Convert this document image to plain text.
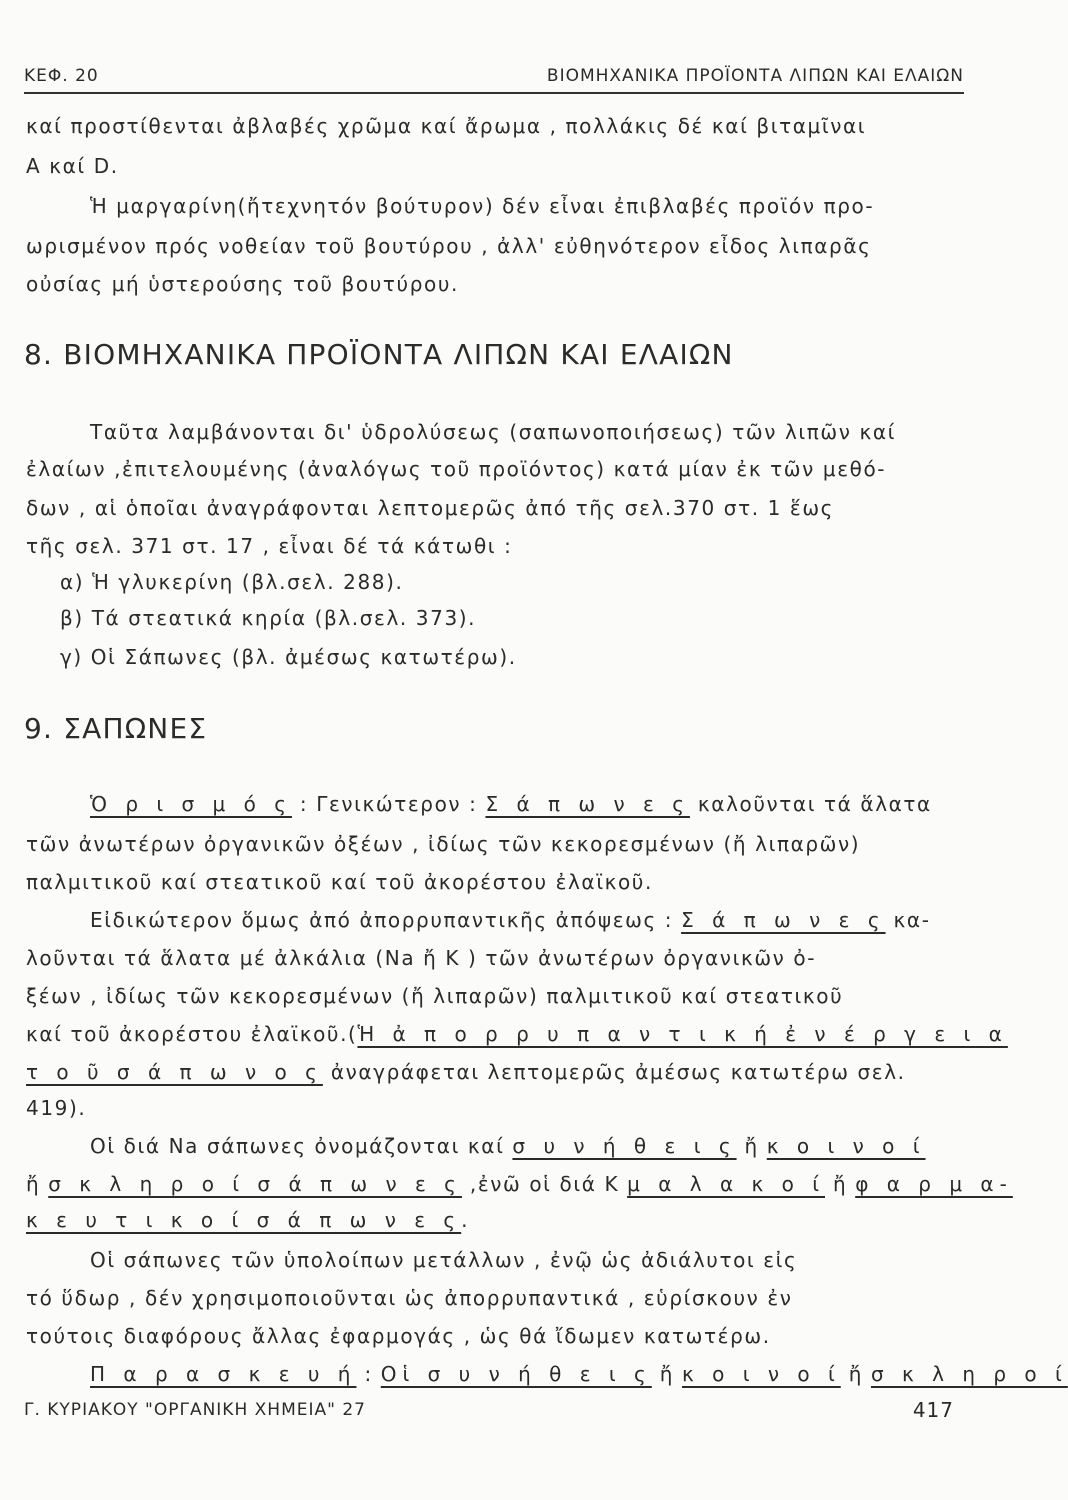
ΚΕΦ. 20	ΒΙΟΜΗΧΑΝΙΚΑ ΠΡΟΪΟΝΤΑ ΛΙΠΩΝ ΚΑΙ ΕΛΑΙΩΝ
καί προστίθενται ἀβλαβές χρῶμα καί ἄρωμα , πολλάκις δέ καί βιταμῖναι
A καί D.
Ἡ μαργαρίνη(ἤτεχνητόν βούτυρον) δέν εἶναι ἐπιβλαβές προϊόν προ-
ωρισμένον πρός νοθείαν τοῦ βουτύρου , ἀλλ' εὐθηνότερον εἶδος λιπαρᾶς
οὐσίας μή ὑστερούσης τοῦ βουτύρου.
8. ΒΙΟΜΗΧΑΝΙΚΑ ΠΡΟΪΟΝΤΑ ΛΙΠΩΝ ΚΑΙ ΕΛΑΙΩΝ
Ταῦτα λαμβάνονται δι' ὑδρολύσεως (σαπωνοποιήσεως) τῶν λιπῶν καί
ἐλαίων ,ἐπιτελουμένης (ἀναλόγως τοῦ προϊόντος) κατά μίαν ἐκ τῶν μεθό-
δων , αἱ ὁποῖαι ἀναγράφονται λεπτομερῶς ἀπό τῆς σελ.370 στ. 1 ἕως
τῆς σελ. 371 στ. 17 , εἶναι δέ τά κάτωθι :
α) Ἡ γλυκερίνη (βλ.σελ. 288).
β) Τά στεατικά κηρία (βλ.σελ. 373).
γ) Οἱ Σάπωνες (βλ. ἀμέσως κατωτέρω).
9. ΣΑΠΩΝΕΣ
Ὁ ρ ι σ μ ό ς : Γενικώτερον : Σ ά π ω ν ε ς καλοῦνται τά ἅλατα
τῶν ἀνωτέρων ὀργανικῶν ὀξέων , ἰδίως τῶν κεκορεσμένων (ἤ λιπαρῶν)
παλμιτικοῦ καί στεατικοῦ καί τοῦ ἀκορέστου ἐλαϊκοῦ.
Εἰδικώτερον ὅμως ἀπό ἀπορρυπαντικῆς ἀπόψεως : Σ ά π ω ν ε ς κα-
λοῦνται τά ἅλατα μέ ἀλκάλια (Na ἤ K ) τῶν ἀνωτέρων ὀργανικῶν ὀ-
ξέων , ἰδίως τῶν κεκορεσμένων (ἤ λιπαρῶν) παλμιτικοῦ καί στεατικοῦ
καί τοῦ ἀκορέστου ἐλαϊκοῦ.(Ἡ ἀ π ο ρ ρ υ π α ν τ ι κ ή ἐ ν έ ρ γ ε ι α
τ ο ῦ σ ά π ω ν ο ς ἀναγράφεται λεπτομερῶς ἀμέσως κατωτέρω σελ.
419).
Οἱ διά Na σάπωνες ὀνομάζονται καί σ υ ν ή θ ε ι ς ἤ κ ο ι ν ο ί
ἤ σ κ λ η ρ ο ί σ ά π ω ν ε ς ,ἐνῶ οἱ διά K μ α λ α κ ο ί ἤ φ α ρ μ α-
κ ε υ τ ι κ ο ί σ ά π ω ν ε ς.
Οἱ σάπωνες τῶν ὑπολοίπων μετάλλων , ἐνῷ ὡς ἀδιάλυτοι εἰς
τό ὕδωρ , δέν χρησιμοποιοῦνται ὡς ἀπορρυπαντικά , εὑρίσκουν ἐν
τούτοις διαφόρους ἄλλας ἐφαρμογάς , ὡς θά ἴδωμεν κατωτέρω.
Π α ρ α σ κ ε υ ή : Οἱ σ υ ν ή θ ε ι ς ἤ κ ο ι ν ο ί ἤ σ κ λ η ρ ο ί
Γ. ΚΥΡΙΑΚΟΥ "ΟΡΓΑΝΙΚΗ ΧΗΜΕΙΑ" 27	417
